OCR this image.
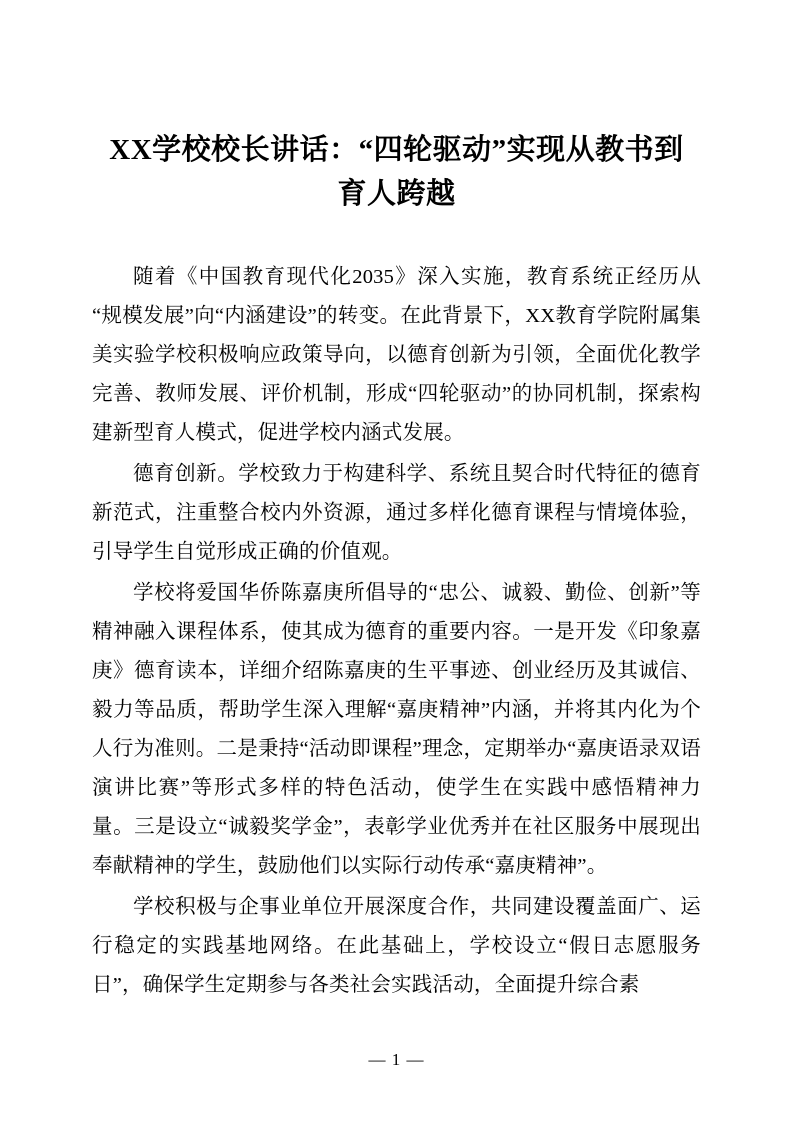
XX学校校长讲话：“四轮驱动”实现从教书到育人跨越

随着《中国教育现代化2035》深入实施，教育系统正经历从“规模发展”向“内涵建设”的转变。在此背景下，XX教育学院附属集美实验学校积极响应政策导向，以德育创新为引领，全面优化教学完善、教师发展、评价机制，形成“四轮驱动”的协同机制，探索构建新型育人模式，促进学校内涵式发展。

德育创新。学校致力于构建科学、系统且契合时代特征的德育新范式，注重整合校内外资源，通过多样化德育课程与情境体验，引导学生自觉形成正确的价值观。

学校将爱国华侨陈嘉庚所倡导的“忠公、诚毅、勤俭、创新”等精神融入课程体系，使其成为德育的重要内容。一是开发《印象嘉庚》德育读本，详细介绍陈嘉庚的生平事迹、创业经历及其诚信、毅力等品质，帮助学生深入理解“嘉庚精神”内涵，并将其内化为个人行为准则。二是秉持“活动即课程”理念，定期举办“嘉庚语录双语演讲比赛”等形式多样的特色活动，使学生在实践中感悟精神力量。三是设立“诚毅奖学金”，表彰学业优秀并在社区服务中展现出奉献精神的学生，鼓励他们以实际行动传承“嘉庚精神”。

学校积极与企事业单位开展深度合作，共同建设覆盖面广、运行稳定的实践基地网络。在此基础上，学校设立“假日志愿服务日”，确保学生定期参与各类社会实践活动，全面提升综合素

— 1 —
